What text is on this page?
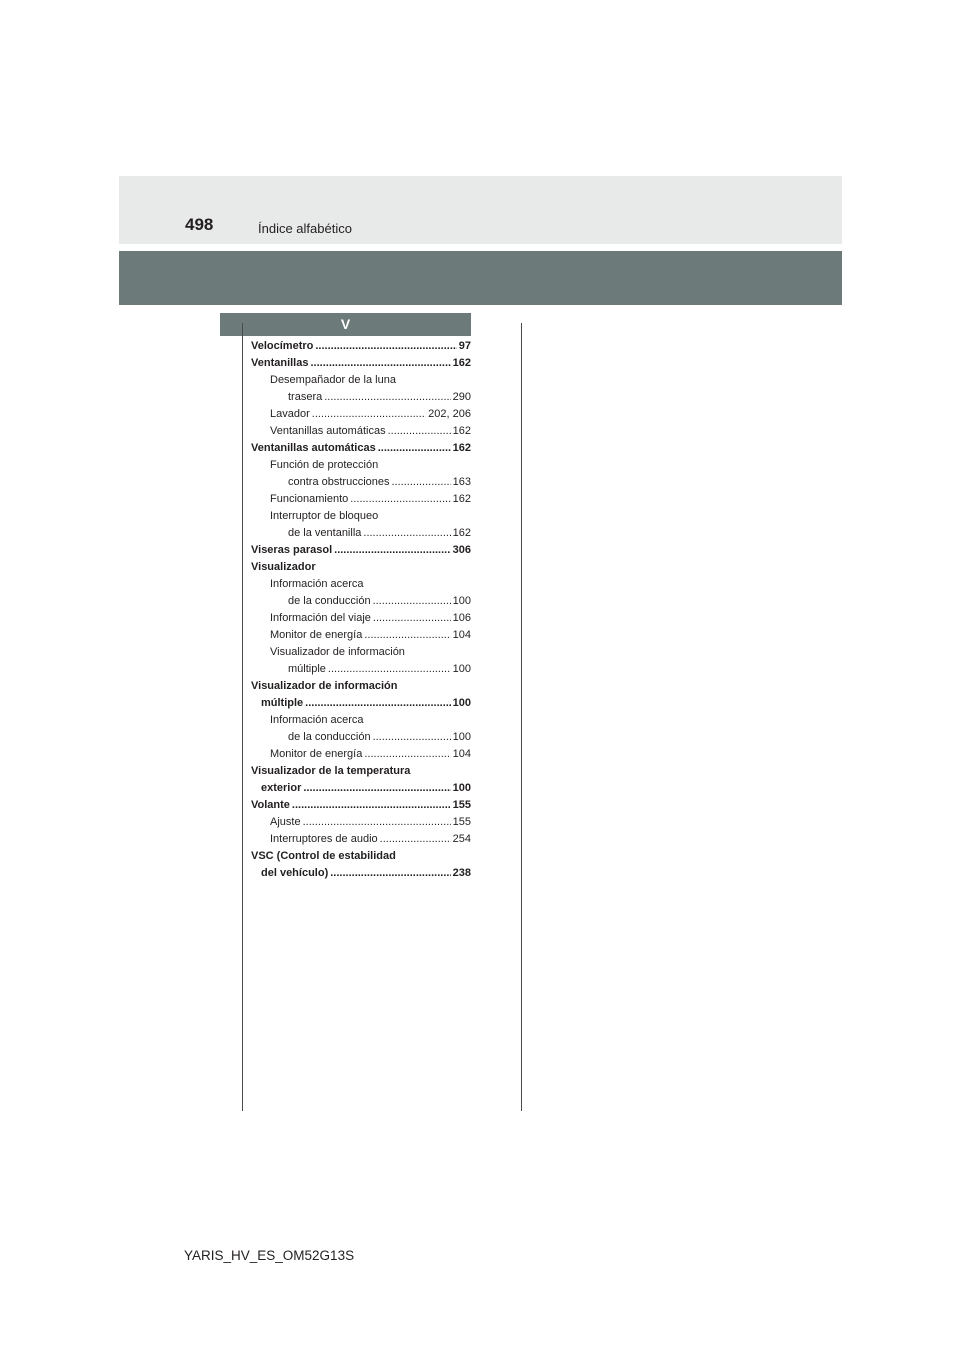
498	Índice alfabético
V
Velocímetro .....	97
Ventanillas .....	162
Desempañador de la luna
trasera .....	290
Lavador .....	202, 206
Ventanillas automáticas .....	162
Ventanillas automáticas .....	162
Función de protección
contra obstrucciones .....	163
Funcionamiento .....	162
Interruptor de bloqueo
de la ventanilla .....	162
Viseras parasol .....	306
Visualizador
Información acerca
de la conducción .....	100
Información del viaje .....	106
Monitor de energía .....	104
Visualizador de información
múltiple .....	100
Visualizador de información
múltiple .....	100
Información acerca
de la conducción .....	100
Monitor de energía .....	104
Visualizador de la temperatura
exterior .....	100
Volante .....	155
Ajuste .....	155
Interruptores de audio .....	254
VSC (Control de estabilidad
del vehículo) .....	238
YARIS_HV_ES_OM52G13S
